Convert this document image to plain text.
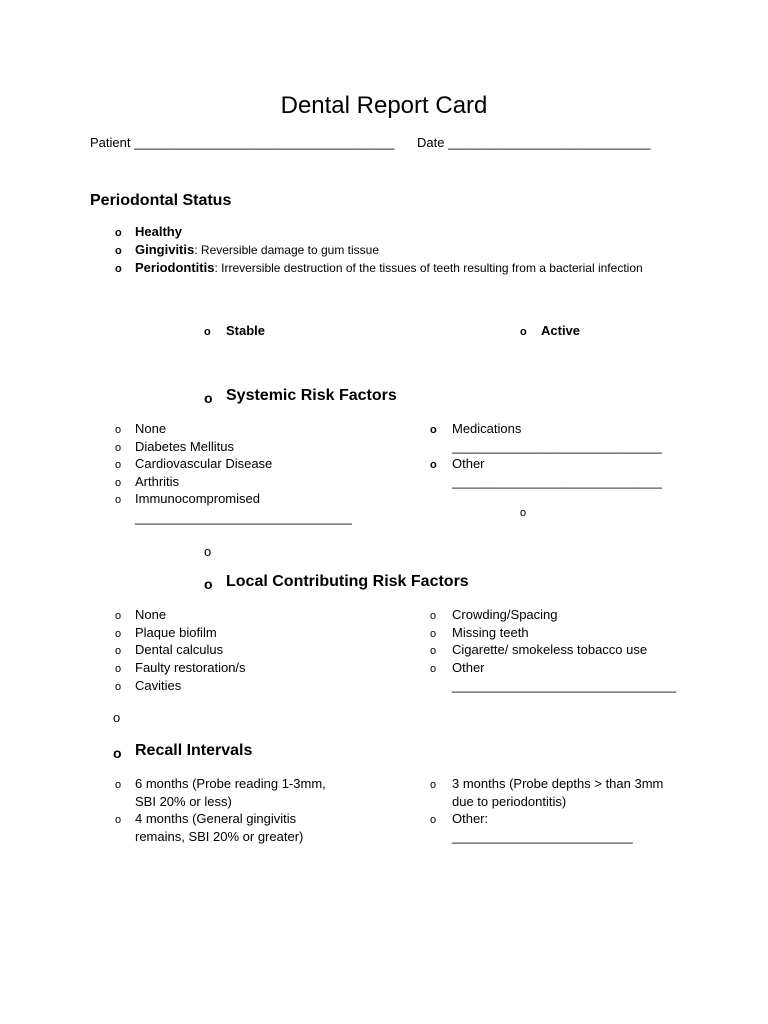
Dental Report Card
Patient ____________________________________ Date ____________________________
Periodontal Status
o Healthy
o Gingivitis: Reversible damage to gum tissue
o Periodontitis: Irreversible destruction of the tissues of teeth resulting from a bacterial infection
o Stable	o Active
o Systemic Risk Factors
o None
o Diabetes Mellitus
o Cardiovascular Disease
o Arthritis
o Immunocompromised
______________________________
o Medications
_____________________________
o Other
_____________________________
o
o
o Local Contributing Risk Factors
o None
o Plaque biofilm
o Dental calculus
o Faulty restoration/s
o Cavities
o Crowding/Spacing
o Missing teeth
o Cigarette/ smokeless tobacco use
o Other
_______________________________
o
o Recall Intervals
o 6 months (Probe reading 1-3mm,
SBI 20% or less)
o 4 months (General gingivitis
remains, SBI 20% or greater)
o 3 months (Probe depths > than 3mm
due to periodontitis)
o Other:
_________________________
